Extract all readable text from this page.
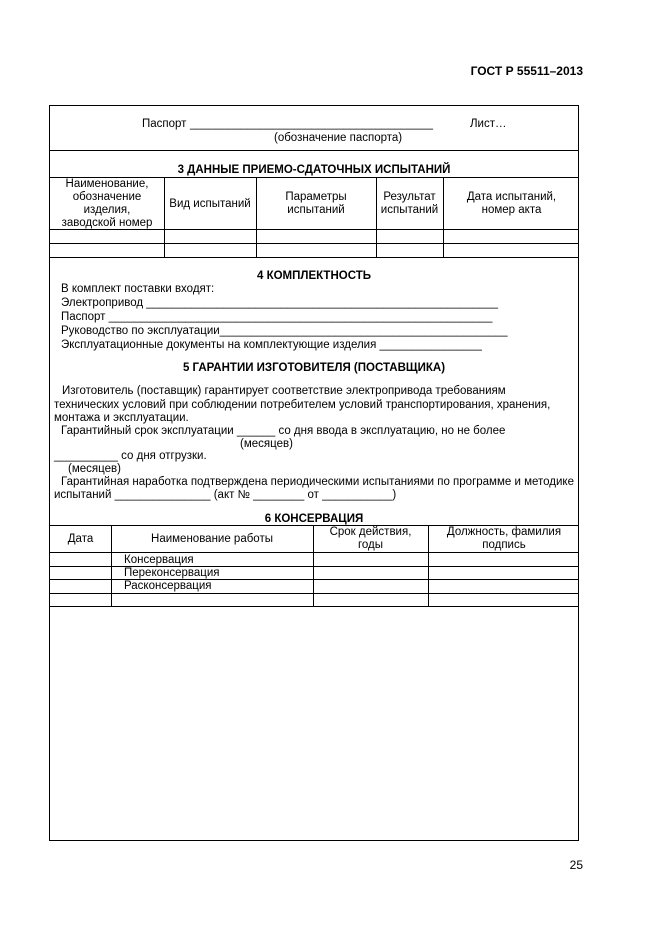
ГОСТ Р 55511–2013
Паспорт ______________________________________
(обозначение паспорта)
Лист…
3 ДАННЫЕ ПРИЕМО-СДАТОЧНЫХ ИСПЫТАНИЙ
Наименование, обозначение изделия, заводской номер
Вид испытаний
Параметры испытаний
Результат испытаний
Дата испытаний, номер акта
4 КОМПЛЕКТНОСТЬ
В комплект поставки входят:
Электропривод _______________________________________________________
Паспорт ____________________________________________________________
Руководство по эксплуатации_____________________________________________
Эксплуатационные документы на комплектующие изделия ________________
5 ГАРАНТИИ ИЗГОТОВИТЕЛЯ (ПОСТАВЩИКА)
Изготовитель (поставщик) гарантирует соответствие электропривода требованиям технических условий при соблюдении потребителем условий транспортирования, хранения, монтажа и эксплуатации.
Гарантийный срок эксплуатации ______ со дня ввода в эксплуатацию, но не более
(месяцев)
__________ со дня отгрузки.
(месяцев)
Гарантийная наработка подтверждена периодическими испытаниями по программе и методике
испытаний _______________ (акт № ________ от ___________)
6 КОНСЕРВАЦИЯ
Дата	Наименование работы
Срок действия, годы
Должность, фамилия подпись
Консервация
Переконсервация
Расконсервация
25
